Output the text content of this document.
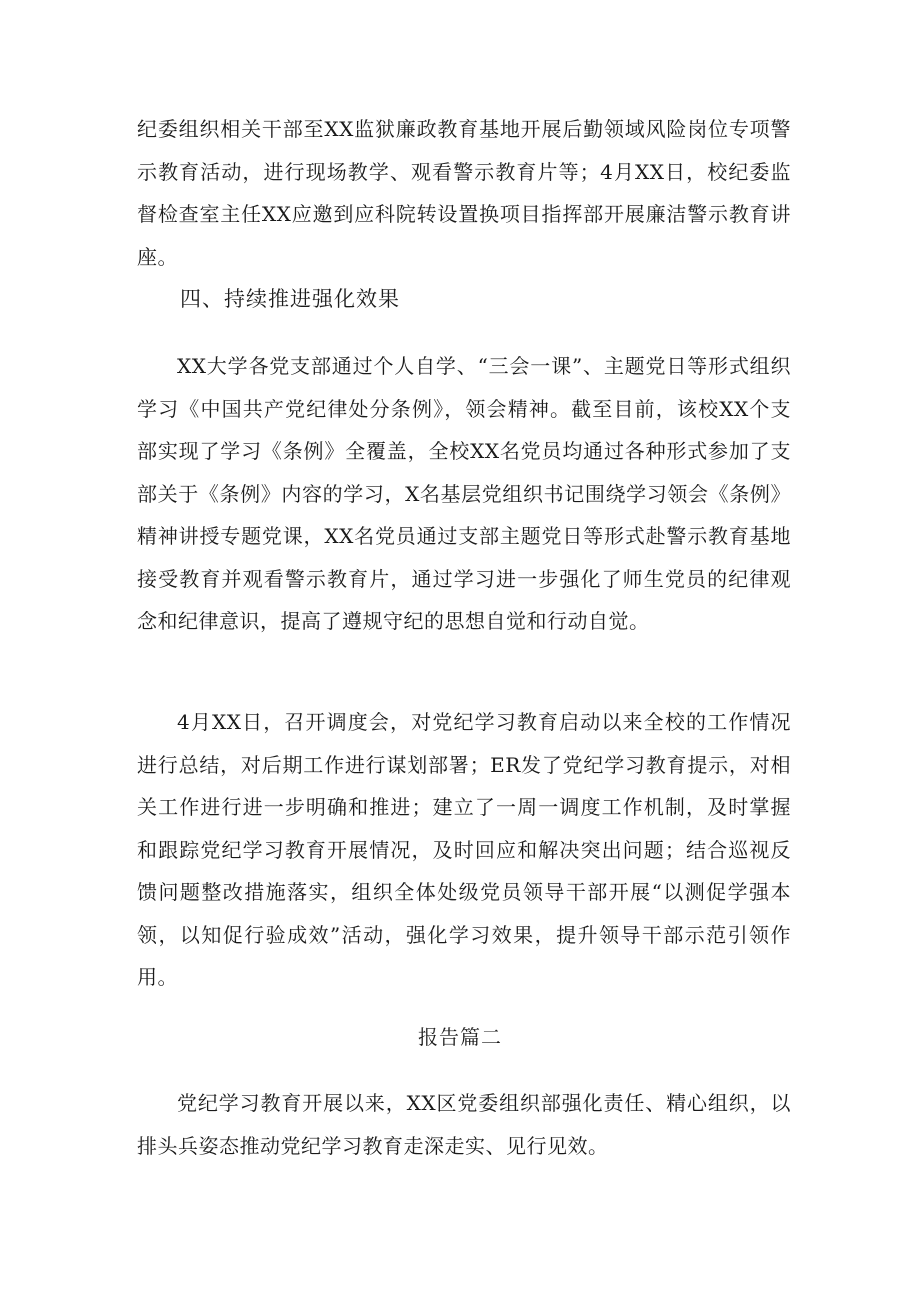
纪委组织相关干部至XX监狱廉政教育基地开展后勤领域风险岗位专项警示教育活动，进行现场教学、观看警示教育片等；4月XX日，校纪委监督检查室主任XX应邀到应科院转设置换项目指挥部开展廉洁警示教育讲座。

四、持续推进强化效果

XX大学各党支部通过个人自学、“三会一课”、主题党日等形式组织学习《中国共产党纪律处分条例》，领会精神。截至目前，该校XX个支部实现了学习《条例》全覆盖，全校XX名党员均通过各种形式参加了支部关于《条例》内容的学习，X名基层党组织书记围绕学习领会《条例》精神讲授专题党课，XX名党员通过支部主题党日等形式赴警示教育基地接受教育并观看警示教育片，通过学习进一步强化了师生党员的纪律观念和纪律意识，提高了遵规守纪的思想自觉和行动自觉。

4月XX日，召开调度会，对党纪学习教育启动以来全校的工作情况进行总结，对后期工作进行谋划部署；ER发了党纪学习教育提示，对相关工作进行进一步明确和推进；建立了一周一调度工作机制，及时掌握和跟踪党纪学习教育开展情况，及时回应和解决突出问题；结合巡视反馈问题整改措施落实，组织全体处级党员领导干部开展“以测促学强本领，以知促行验成效”活动，强化学习效果，提升领导干部示范引领作用。

报告篇二

党纪学习教育开展以来，XX区党委组织部强化责任、精心组织，以排头兵姿态推动党纪学习教育走深走实、见行见效。
